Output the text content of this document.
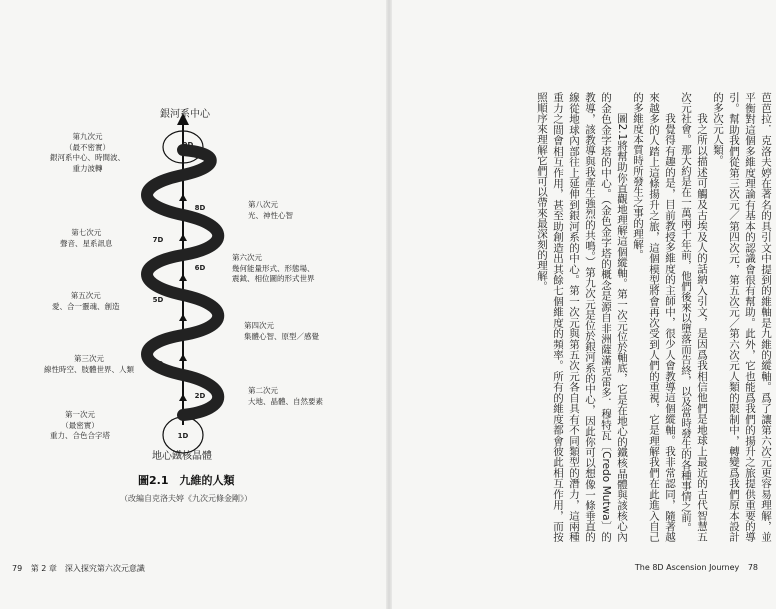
銀河系中心
地心鐵核晶體
9D
8D
7D
6D
5D
4D
3D
2D
1D
第九次元
（最不密實）
銀河系中心、時間波、
重力波轉
第七次元
聲音、星系訊息
第五次元
愛、合一靈魂、創造
第三次元
線性時空、肢體世界、人類
第一次元
（最密實）
重力、合色合字塔
第八次元
光、神性心智
第六次元
幾何能量形式、形態場、
震鉞、相位圖的形式世界
第四次元
集體心智、原型／感覺
第二次元
大地、晶體、自然要素
圖2.1　九維的人類
（改編自克洛夫婷《九次元條金剛》）
79 第 2 章　深入探究第六次元意識	The 8D Ascension Journey 78

芭芭拉．克洛夫婷在著名的具引文中提到的維軸是九維的縱軸。爲了讓第六次元更容易理解，並平衡對這個多維度理論有基本的認識會很有幫助。此外，它也能爲我們的揚升之旅提供重要的導引。幫助我們從第三次元／第四次元，第五次元／第六次元人類的限制中，轉變爲我們原本設計的多次元人類。

我之所以描述可觸及古埃及人的話納入引文，是因爲我相信他們是地球上最近的古代智慧五次元社會。那大約是在一萬兩千年前，他們後來以墮落而告終，以及當時發生的各種事情之前。

我覺得有趣的是，目前教授多維度的主師中，很少人會教導這個縱軸。我非常認同，隨著越來越多的人踏上這條揚升之旅，這個模型將會再次受到人們的重視，它是理解我們在此進入自己的多維度本質時所發生之事的理解。

圖2.1將幫助你直觀地理解這個縱軸。第一次元位於軸底，它是在地心的鐵核晶體與該核心內的金色金字塔的中心。（金色金字塔的概念是源自非洲薩滿克雷多．穆特瓦〔Credo Mutwa〕的教導，該教導與我產生強烈的共鳴。）第九次元是位於銀河系的中心，因此你可以想像一條垂直的線從地球內部往上延伸到銀河系的中心。第一次元與第五次元各自具有不同類型的潛力，這兩種重力之間會相互作用，甚至助創造出其餘七個維度的頻率。所有的維度都會彼此相互作用，而按照順序來理解它們可以帶來最深刻的理解。
